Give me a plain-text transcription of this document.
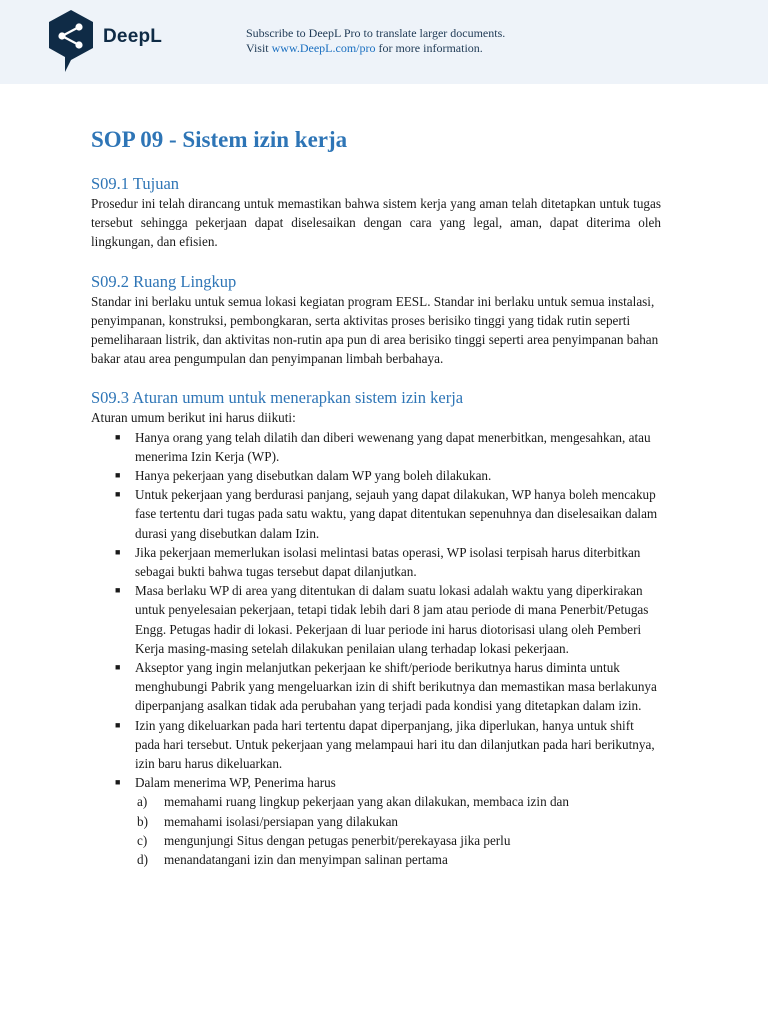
DeepL	Subscribe to DeepL Pro to translate larger documents.
Visit www.DeepL.com/pro for more information.
SOP 09 - Sistem izin kerja
S09.1 Tujuan

Prosedur ini telah dirancang untuk memastikan bahwa sistem kerja yang aman telah ditetapkan untuk tugas tersebut sehingga pekerjaan dapat diselesaikan dengan cara yang legal, aman, dapat diterima oleh lingkungan, dan efisien.

S09.2 Ruang Lingkup

Standar ini berlaku untuk semua lokasi kegiatan program EESL. Standar ini berlaku untuk semua instalasi, penyimpanan, konstruksi, pembongkaran, serta aktivitas proses berisiko tinggi yang tidak rutin seperti pemeliharaan listrik, dan aktivitas non-rutin apa pun di area berisiko tinggi seperti area penyimpanan bahan bakar atau area pengumpulan dan penyimpanan limbah berbahaya.

S09.3 Aturan umum untuk menerapkan sistem izin kerja

Aturan umum berikut ini harus diikuti:

■ Hanya orang yang telah dilatih dan diberi wewenang yang dapat menerbitkan, mengesahkan, atau menerima Izin Kerja (WP).
■ Hanya pekerjaan yang disebutkan dalam WP yang boleh dilakukan.
■ Untuk pekerjaan yang berdurasi panjang, sejauh yang dapat dilakukan, WP hanya boleh mencakup fase tertentu dari tugas pada satu waktu, yang dapat ditentukan sepenuhnya dan diselesaikan dalam durasi yang disebutkan dalam Izin.
■ Jika pekerjaan memerlukan isolasi melintasi batas operasi, WP isolasi terpisah harus diterbitkan sebagai bukti bahwa tugas tersebut dapat dilanjutkan.
■ Masa berlaku WP di area yang ditentukan di dalam suatu lokasi adalah waktu yang diperkirakan untuk penyelesaian pekerjaan, tetapi tidak lebih dari 8 jam atau periode di mana Penerbit/Petugas Engg. Petugas hadir di lokasi. Pekerjaan di luar periode ini harus diotorisasi ulang oleh Pemberi Kerja masing-masing setelah dilakukan penilaian ulang terhadap lokasi pekerjaan.
■ Akseptor yang ingin melanjutkan pekerjaan ke shift/periode berikutnya harus diminta untuk menghubungi Pabrik yang mengeluarkan izin di shift berikutnya dan memastikan masa berlakunya diperpanjang asalkan tidak ada perubahan yang terjadi pada kondisi yang ditetapkan dalam izin.
■ Izin yang dikeluarkan pada hari tertentu dapat diperpanjang, jika diperlukan, hanya untuk shift pada hari tersebut. Untuk pekerjaan yang melampaui hari itu dan dilanjutkan pada hari berikutnya, izin baru harus dikeluarkan.
■ Dalam menerima WP, Penerima harus
a) memahami ruang lingkup pekerjaan yang akan dilakukan, membaca izin dan
b) memahami isolasi/persiapan yang dilakukan
c) mengunjungi Situs dengan petugas penerbit/perekayasa jika perlu
d) menandatangani izin dan menyimpan salinan pertama
